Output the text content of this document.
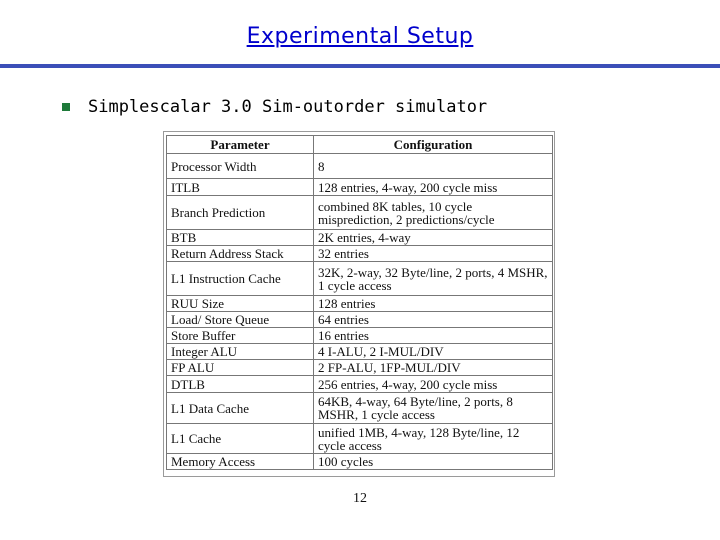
Experimental Setup
Simplescalar 3.0 Sim-outorder simulator
Parameter	Configuration
Processor Width	8
ITLB	128 entries, 4-way, 200 cycle miss
Branch Prediction	combined 8K tables, 10 cycle misprediction, 2 predictions/cycle
BTB	2K entries, 4-way
Return Address Stack	32 entries
L1 Instruction Cache	32K, 2-way, 32 Byte/line, 2 ports, 4 MSHR, 1 cycle access
RUU Size	128 entries
Load/ Store Queue	64 entries
Store Buffer	16 entries
Integer ALU	4 I-ALU, 2 I-MUL/DIV
FP ALU	2 FP-ALU, 1FP-MUL/DIV
DTLB	256 entries, 4-way, 200 cycle miss
L1 Data Cache	64KB, 4-way, 64 Byte/line, 2 ports, 8 MSHR, 1 cycle access
L1 Cache	unified 1MB, 4-way, 128 Byte/line, 12 cycle access
Memory Access	100 cycles
12
